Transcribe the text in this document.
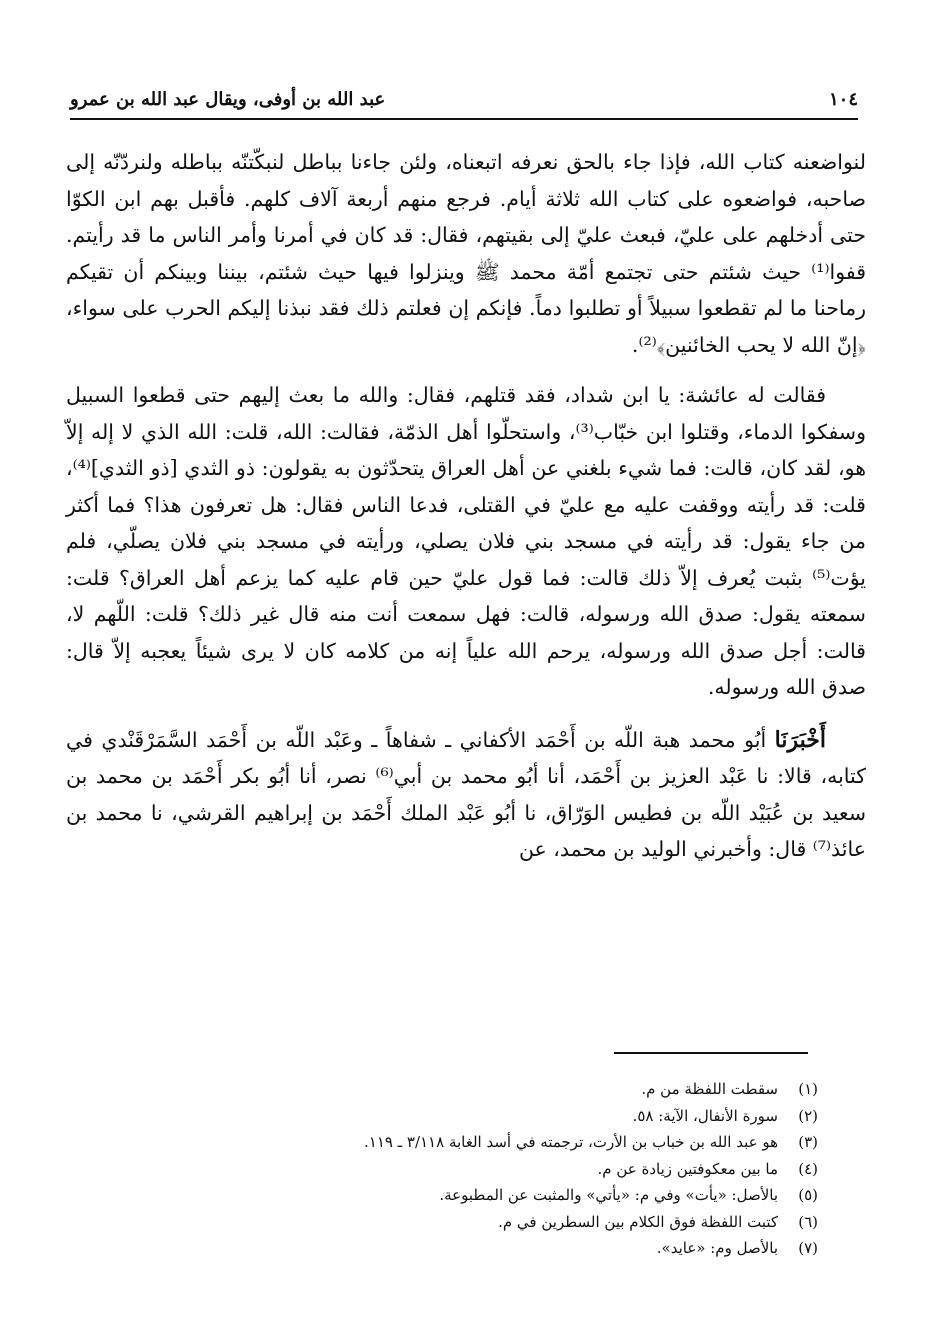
١٠٤
عبد الله بن أوفى، ويقال عبد الله بن عمرو

لنواضعنه كتاب الله، فإذا جاء بالحق نعرفه اتبعناه، ولئن جاءنا بباطل لنبكّتنّه بباطله ولنردّنّه إلى صاحبه، فواضعوه على كتاب الله ثلاثة أيام. فرجع منهم أربعة آلاف كلهم. فأقبل بهم ابن الكوّا حتى أدخلهم على عليّ، فبعث عليّ إلى بقيتهم، فقال: قد كان في أمرنا وأمر الناس ما قد رأيتم. قفوا⁽¹⁾ حيث شئتم حتى تجتمع أمّة محمد ﷺ وينزلوا فيها حيث شئتم، بيننا وبينكم أن تقيكم رماحنا ما لم تقطعوا سبيلاً أو تطلبوا دماً. فإنكم إن فعلتم ذلك فقد نبذنا إليكم الحرب على سواء، ﴿إنّ الله لا يحب الخائنين﴾⁽²⁾.

فقالت له عائشة: يا ابن شداد، فقد قتلهم، فقال: والله ما بعث إليهم حتى قطعوا السبيل وسفكوا الدماء، وقتلوا ابن خبّاب⁽³⁾، واستحلّوا أهل الذمّة، فقالت: الله، قلت: الله الذي لا إله إلاّ هو، لقد كان، قالت: فما شيء بلغني عن أهل العراق يتحدّثون به يقولون: ذو الثدي [ذو الثدي]⁽⁴⁾، قلت: قد رأيته ووقفت عليه مع عليّ في القتلى، فدعا الناس فقال: هل تعرفون هذا؟ فما أكثر من جاء يقول: قد رأيته في مسجد بني فلان يصلي، ورأيته في مسجد بني فلان يصلّي، فلم يؤت⁽⁵⁾ بثبت يُعرف إلاّ ذلك قالت: فما قول عليّ حين قام عليه كما يزعم أهل العراق؟ قلت: سمعته يقول: صدق الله ورسوله، قالت: فهل سمعت أنت منه قال غير ذلك؟ قلت: اللّهم لا، قالت: أجل صدق الله ورسوله، يرحم الله علياً إنه من كلامه كان لا يرى شيئاً يعجبه إلاّ قال: صدق الله ورسوله.

أَخْبَرَنَا أبُو محمد هبة اللّه بن أَحْمَد الأكفاني ـ شفاهاً ـ وعَبْد اللّه بن أَحْمَد السَّمَرْقَنْدي في كتابه، قالا: نا عَبْد العزيز بن أَحْمَد، أنا أبُو محمد بن أبي⁽⁶⁾ نصر، أنا أبُو بكر أَحْمَد بن محمد بن سعيد بن عُبَيْد اللّه بن فطيس الوَرّاق، نا أبُو عَبْد الملك أَحْمَد بن إبراهيم القرشي، نا محمد بن عائذ⁽⁷⁾ قال: وأخبرني الوليد بن محمد، عن

(١)
سقطت اللفظة من م.
(٢)
سورة الأنفال، الآية: ٥٨.
(٣)
هو عبد الله بن خباب بن الأرت، ترجمته في أسد الغابة ٣/١١٨ ـ ١١٩.
(٤)
ما بين معكوفتين زيادة عن م.
(٥)
بالأصل: «يأت» وفي م: «يأتي» والمثبت عن المطبوعة.
(٦)
كتبت اللفظة فوق الكلام بين السطرين في م.
(٧)
بالأصل وم: «عايد».
